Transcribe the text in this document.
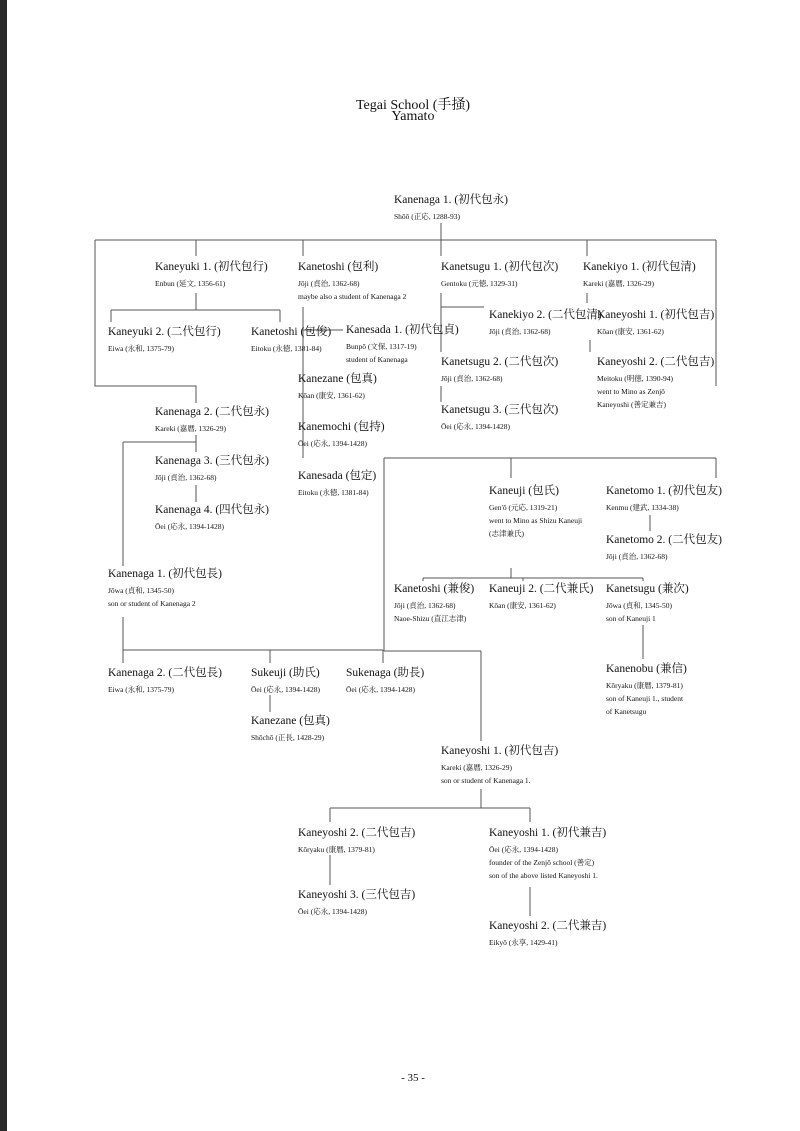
Tegai School (手掻)
Yamato
Kanenaga 1. (初代包永)
Shōō (正応, 1288-93)
Kaneyuki 1. (初代包行)
Enbun (延文, 1356-61)
Kanetoshi (包利)
Jōji (貞治, 1362-68)
maybe also a student of Kanenaga 2
Kanetsugu 1. (初代包次)
Gentoku (元徳, 1329-31)
Kanekiyo 1. (初代包清)
Kareki (嘉暦, 1326-29)
Kaneyuki 2. (二代包行)
Eiwa (永和, 1375-79)
Kanetoshi (包俊)
Eitoku (永徳, 1381-84)
Kanesada 1. (初代包貞)
Bunpō (文保, 1317-19)
student of Kanenaga
Kanekiyo 2. (二代包清)
Jōji (貞治, 1362-68)
Kaneyoshi 1. (初代包吉)
Kōan (康安, 1361-62)
Kanetsugu 2. (二代包次)
Jōji (貞治, 1362-68)
Kaneyoshi 2. (二代包吉)
Meitoku (明徳, 1390-94)
went to Mino as Zenjō
Kaneyoshi (善定兼吉)
Kanezane (包真)
Kōan (康安, 1361-62)
Kanenaga 2. (二代包永)
Kareki (嘉暦, 1326-29)
Kanetsugu 3. (三代包次)
Ōei (応永, 1394-1428)
Kanemochi (包持)
Ōei (応永, 1394-1428)
Kanenaga 3. (三代包永)
Jōji (貞治, 1362-68)	Kanesada (包定)
Eitoku (永徳, 1381-84)	Kaneuji (包氏)
Gen'ō (元応, 1319-21)
went to Mino as Shizu Kaneuji
(志津兼氏)
Kanetomo 1. (初代包友)
Kenmu (建武, 1334-38)
Kanenaga 4. (四代包永)
Ōei (応永, 1394-1428)
Kanetomo 2. (二代包友)
Jōji (貞治, 1362-68)
Kanenaga 1. (初代包長)
Jōwa (貞和, 1345-50)
son or student of Kanenaga 2
Kanetoshi (兼俊)
Jōji (貞治, 1362-68)
Naoe-Shizu (直江志津)
Kaneuji 2. (二代兼氏)
Kōan (康安, 1361-62)
Kanetsugu (兼次)
Jōwa (貞和, 1345-50)
son of Kaneuji 1
Kanenobu (兼信)
Kōryaku (康暦, 1379-81)
son of Kaneuji 1., student
of Kanetsugu
Kanenaga 2. (二代包長)
Eiwa (永和, 1375-79)
Sukeuji (助氏)
Ōei (応永, 1394-1428)
Sukenaga (助長)
Ōei (応永, 1394-1428)
Kanezane (包真)
Shōchō (正長, 1428-29)
Kaneyoshi 1. (初代包吉)
Kareki (嘉暦, 1326-29)
son or student of Kanenaga 1.
Kaneyoshi 2. (二代包吉)
Kōryaku (康暦, 1379-81)
Kaneyoshi 1. (初代兼吉)
Ōei (応永, 1394-1428)
founder of the Zenjō school (善定)
son of the above listed Kaneyoshi 1.
Kaneyoshi 3. (三代包吉)
Ōei (応永, 1394-1428)
Kaneyoshi 2. (二代兼吉)
Eikyō (永享, 1429-41)
- 35 -
